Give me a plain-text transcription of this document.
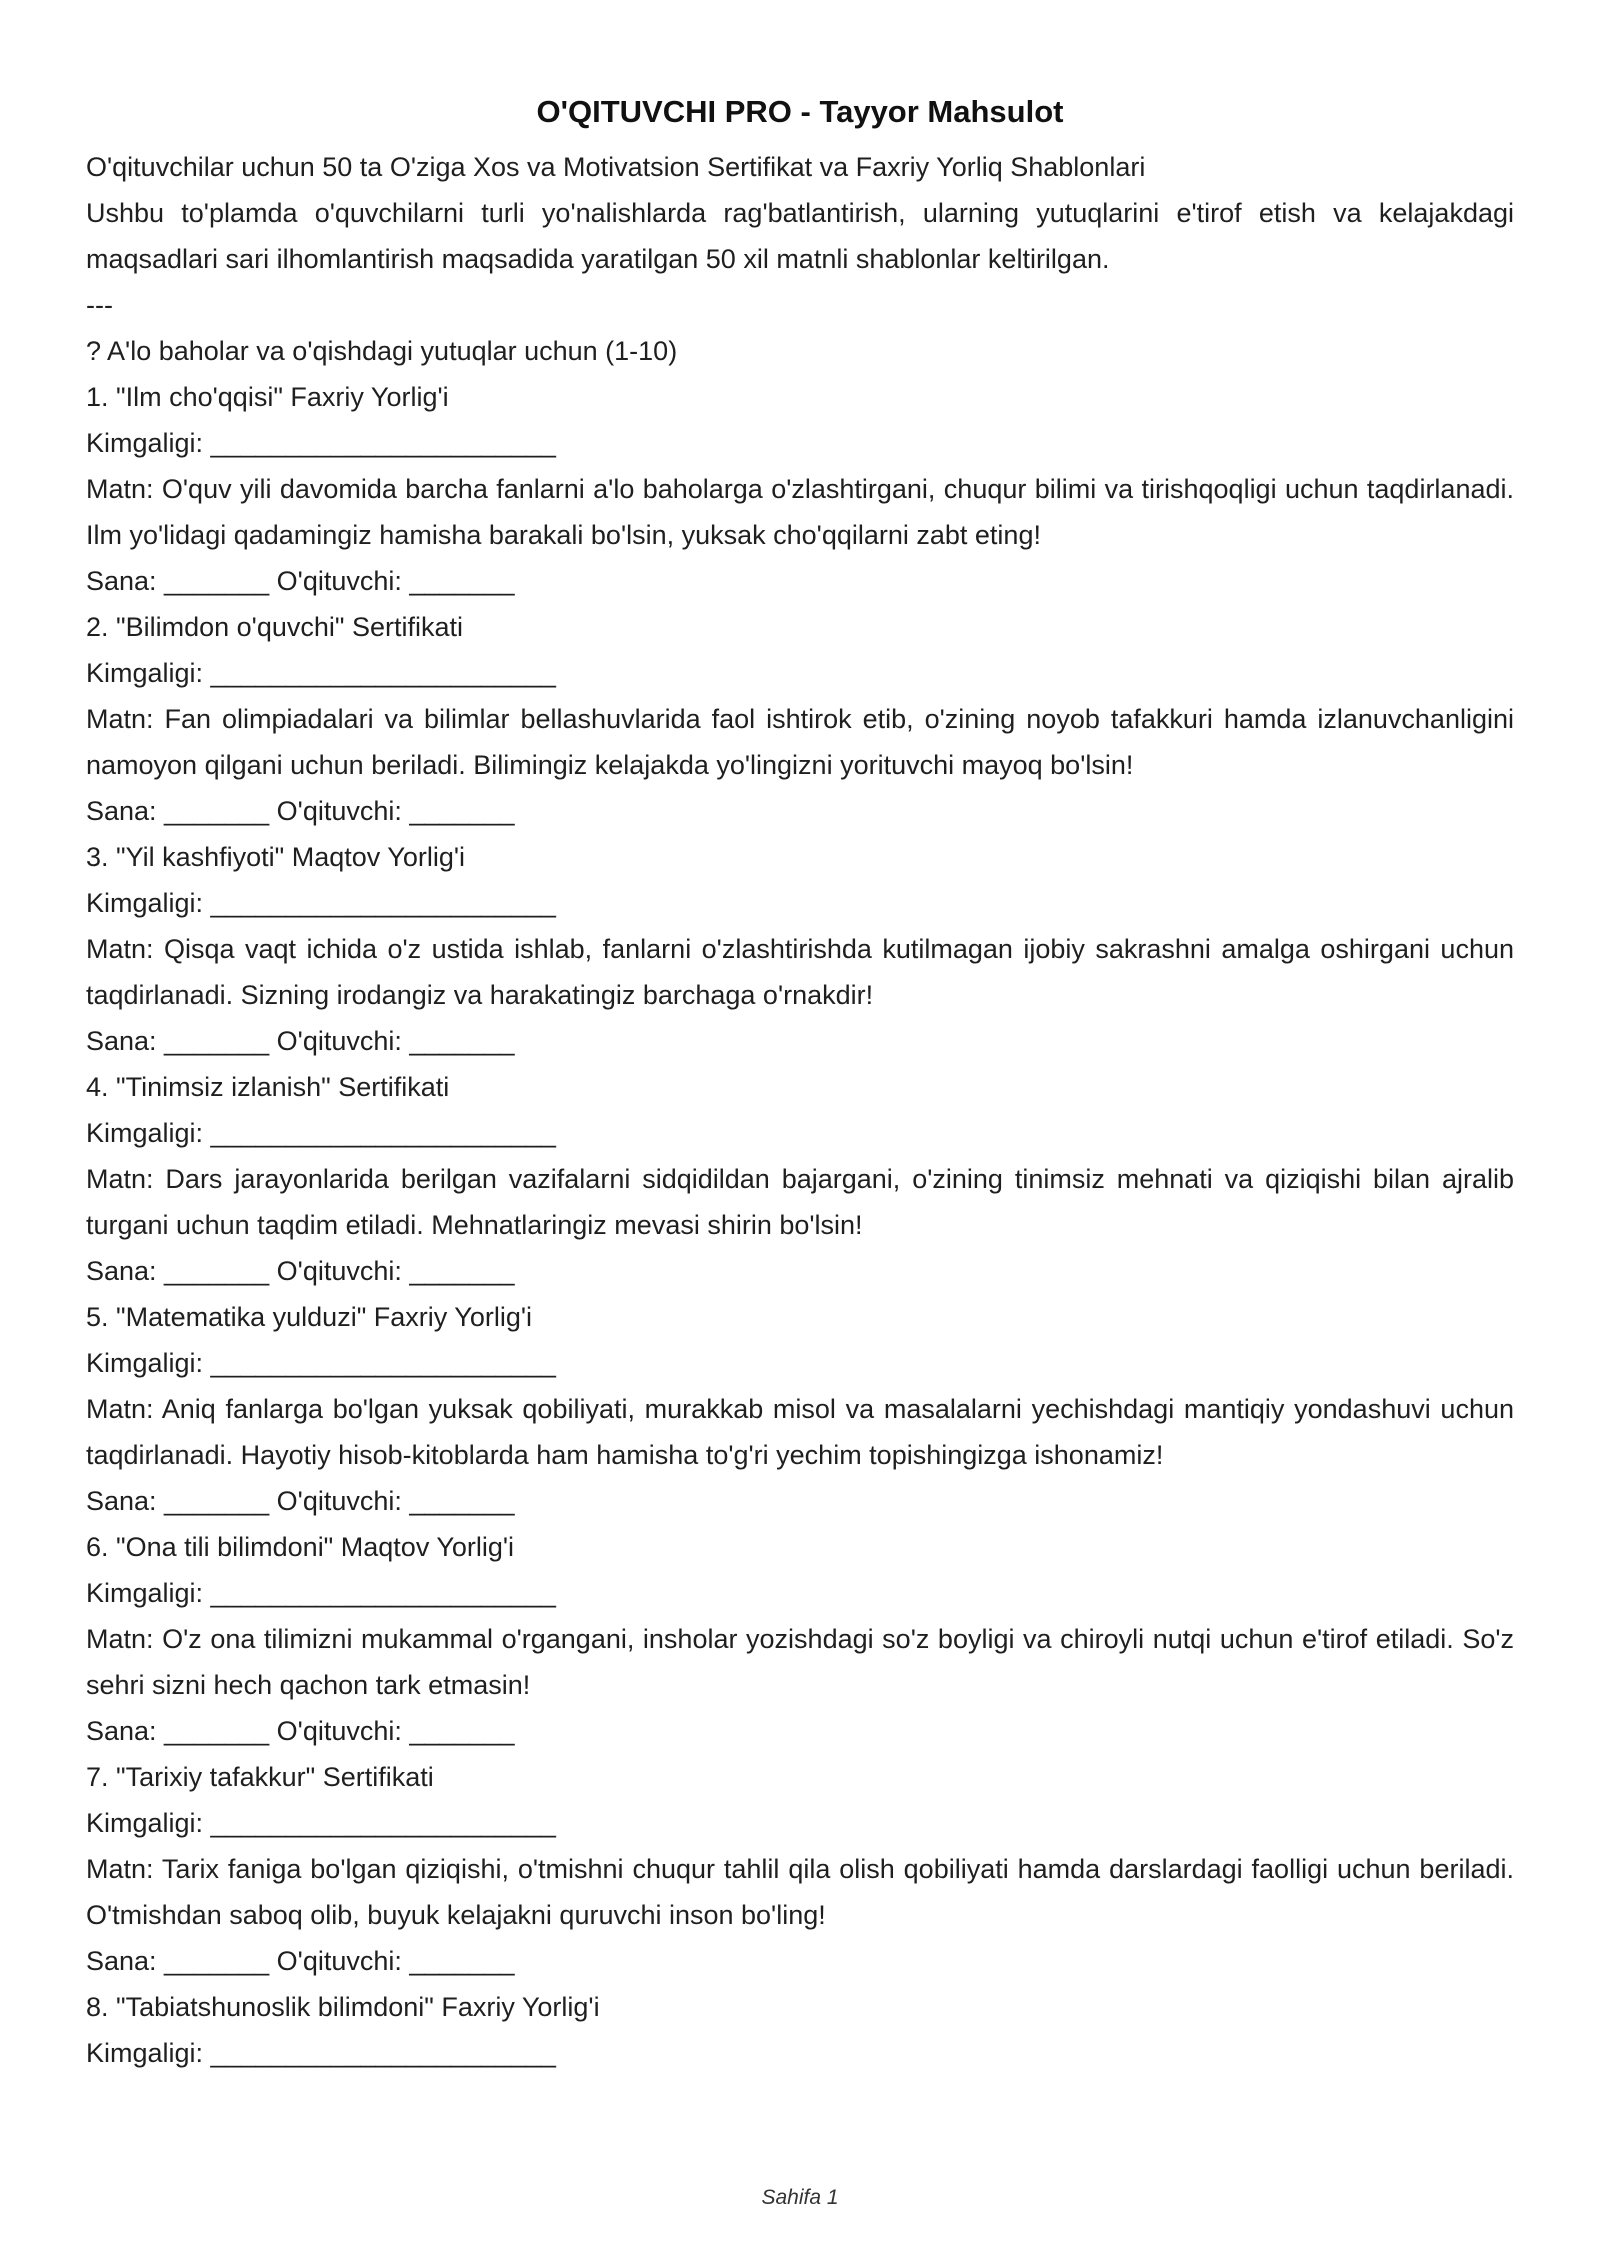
O'QITUVCHI PRO - Tayyor Mahsulot

O'qituvchilar uchun 50 ta O'ziga Xos va Motivatsion Sertifikat va Faxriy Yorliq Shablonlari

Ushbu to'plamda o'quvchilarni turli yo'nalishlarda rag'batlantirish, ularning yutuqlarini e'tirof etish va kelajakdagi maqsadlari sari ilhomlantirish maqsadida yaratilgan 50 xil matnli shablonlar keltirilgan.

---

? A'lo baholar va o'qishdagi yutuqlar uchun (1-10)

1. "Ilm cho'qqisi" Faxriy Yorlig'i

Kimgaligi: _______________________

Matn: O'quv yili davomida barcha fanlarni a'lo baholarga o'zlashtirgani, chuqur bilimi va tirishqoqligi uchun taqdirlanadi. Ilm yo'lidagi qadamingiz hamisha barakali bo'lsin, yuksak cho'qqilarni zabt eting!

Sana: _______ O'qituvchi: _______

2. "Bilimdon o'quvchi" Sertifikati

Kimgaligi: _______________________

Matn: Fan olimpiadalari va bilimlar bellashuvlarida faol ishtirok etib, o'zining noyob tafakkuri hamda izlanuvchanligini namoyon qilgani uchun beriladi. Bilimingiz kelajakda yo'lingizni yorituvchi mayoq bo'lsin!

Sana: _______ O'qituvchi: _______

3. "Yil kashfiyoti" Maqtov Yorlig'i

Kimgaligi: _______________________

Matn: Qisqa vaqt ichida o'z ustida ishlab, fanlarni o'zlashtirishda kutilmagan ijobiy sakrashni amalga oshirgani uchun taqdirlanadi. Sizning irodangiz va harakatingiz barchaga o'rnakdir!

Sana: _______ O'qituvchi: _______

4. "Tinimsiz izlanish" Sertifikati

Kimgaligi: _______________________

Matn: Dars jarayonlarida berilgan vazifalarni sidqidildan bajargani, o'zining tinimsiz mehnati va qiziqishi bilan ajralib turgani uchun taqdim etiladi. Mehnatlaringiz mevasi shirin bo'lsin!

Sana: _______ O'qituvchi: _______

5. "Matematika yulduzi" Faxriy Yorlig'i

Kimgaligi: _______________________

Matn: Aniq fanlarga bo'lgan yuksak qobiliyati, murakkab misol va masalalarni yechishdagi mantiqiy yondashuvi uchun taqdirlanadi. Hayotiy hisob-kitoblarda ham hamisha to'g'ri yechim topishingizga ishonamiz!

Sana: _______ O'qituvchi: _______

6. "Ona tili bilimdoni" Maqtov Yorlig'i

Kimgaligi: _______________________

Matn: O'z ona tilimizni mukammal o'rgangani, insholar yozishdagi so'z boyligi va chiroyli nutqi uchun e'tirof etiladi. So'z sehri sizni hech qachon tark etmasin!

Sana: _______ O'qituvchi: _______

7. "Tarixiy tafakkur" Sertifikati

Kimgaligi: _______________________

Matn: Tarix faniga bo'lgan qiziqishi, o'tmishni chuqur tahlil qila olish qobiliyati hamda darslardagi faolligi uchun beriladi. O'tmishdan saboq olib, buyuk kelajakni quruvchi inson bo'ling!

Sana: _______ O'qituvchi: _______

8. "Tabiatshunoslik bilimdoni" Faxriy Yorlig'i

Kimgaligi: _______________________

Sahifa 1
